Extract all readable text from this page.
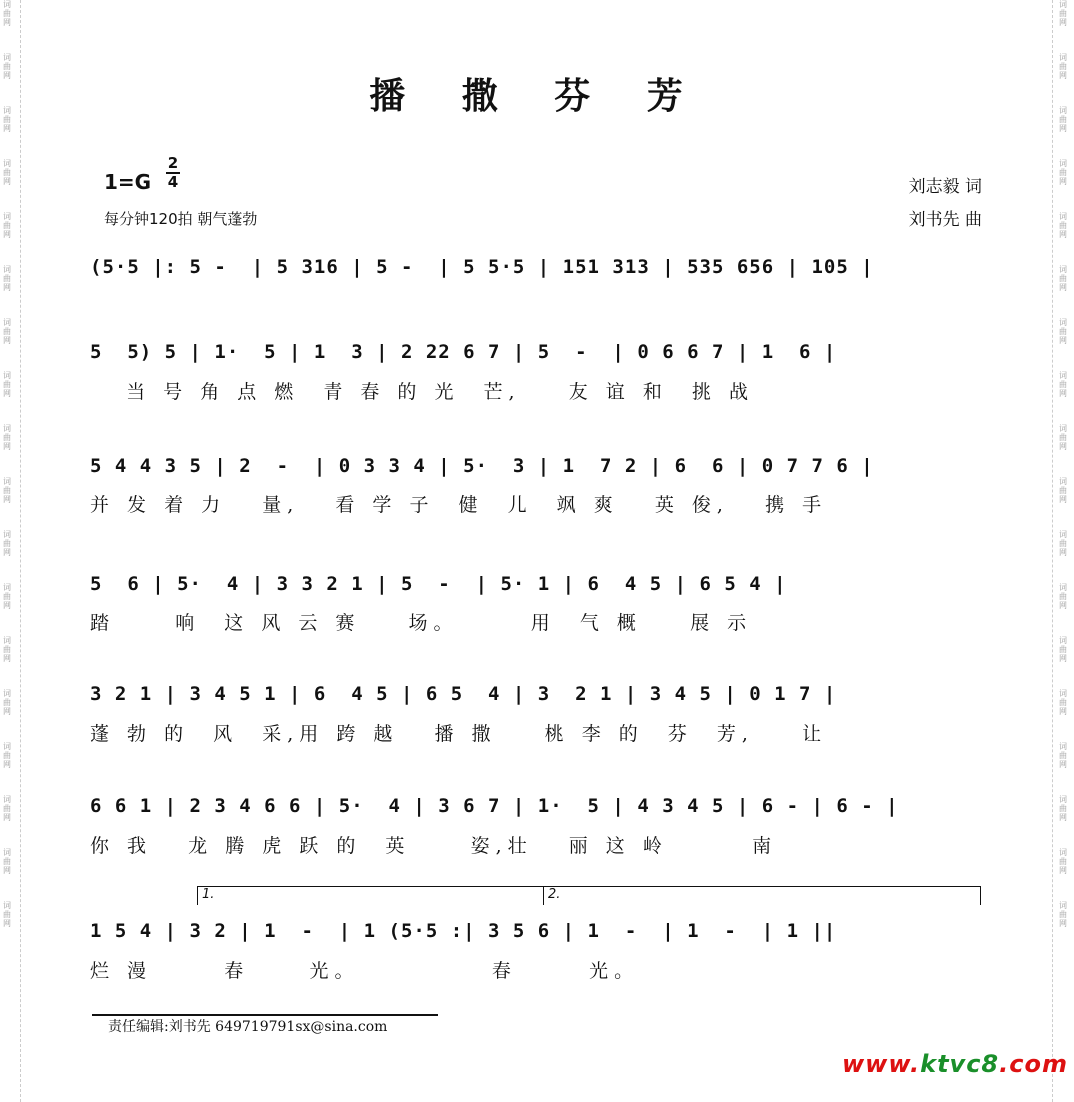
词曲网
词曲网
词曲网
词曲网
词曲网
词曲网
词曲网
词曲网
词曲网
词曲网
词曲网
词曲网
词曲网
词曲网
词曲网
词曲网
词曲网
词曲网
词曲网
词曲网
词曲网
词曲网
词曲网
词曲网
词曲网
词曲网
词曲网
词曲网
词曲网
词曲网
词曲网
词曲网
词曲网
词曲网
词曲网
词曲网
播 撒 芬 芳
1=G
2
4
每分钟120拍 朝气蓬勃
刘志毅 词
刘书先 曲
(5·5 |: 5 -  | 5 316 | 5 -  | 5 5·5 | 151 313 | 535 656 | 105 |
5  5) 5 | 1·  5 | 1  3 | 2 22 6 7 | 5  -  | 0 6 6 7 | 1  6 |
当 号 角 点 燃  青 春 的 光  芒,    友 谊 和  挑 战
5 4 4 3 5 | 2  -  | 0 3 3 4 | 5·  3 | 1  7 2 | 6  6 | 0 7 7 6 |
并 发 着 力   量,   看 学 子  健  儿  飒 爽   英 俊,   携 手
5  6 | 5·  4 | 3 3 2 1 | 5  -  | 5· 1 | 6  4 5 | 6 5 4 |
踏     响  这 风 云 赛    场。      用  气 概    展 示
3 2 1 | 3 4 5 1 | 6  4 5 | 6 5  4 | 3  2 1 | 3 4 5 | 0 1 7 |
蓬 勃 的  风  采,用 跨 越   播 撒    桃 李 的  芬  芳,    让
6 6 1 | 2 3 4 6 6 | 5·  4 | 3 6 7 | 1·  5 | 4 3 4 5 | 6 - | 6 - |
你 我   龙 腾 虎 跃 的  英     姿,壮   丽 这 岭       南
1.	2.
1 5 4 | 3 2 | 1  -  | 1 (5·5 :| 3 5 6 | 1  -  | 1  -  | 1 ||
烂 漫      春     光。           春      光。
责任编辑:刘书先 649719791sx@sina.com
www.ktvc8.com
